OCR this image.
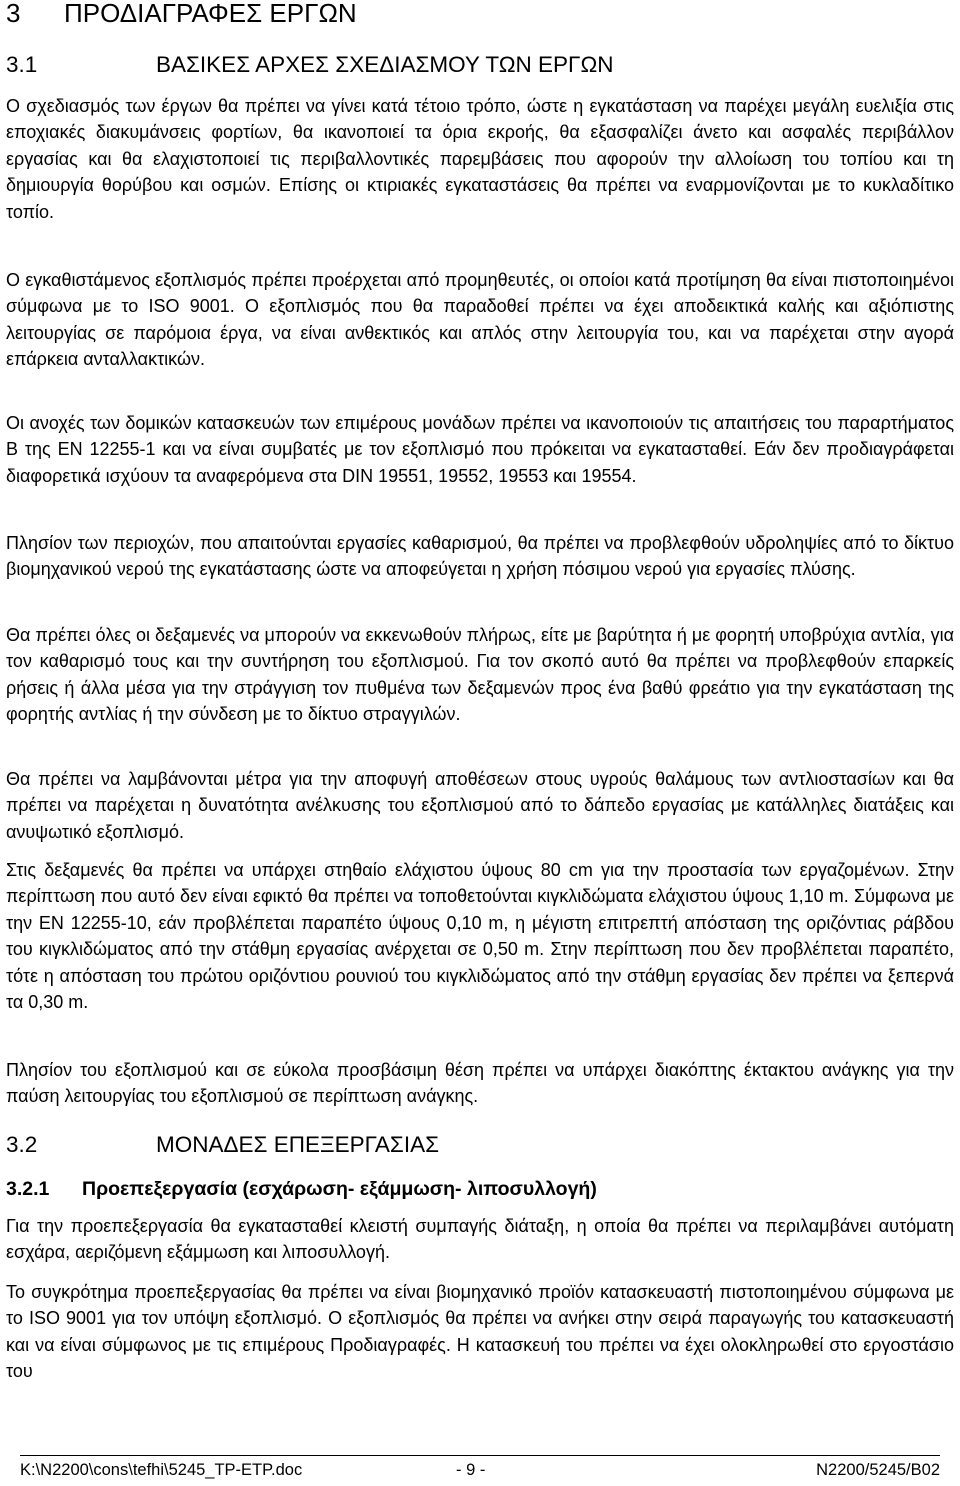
3 ΠΡΟΔΙΑΓΡΑΦΕΣ ΕΡΓΩΝ
3.1	ΒΑΣΙΚΕΣ ΑΡΧΕΣ ΣΧΕΔΙΑΣΜΟΥ ΤΩΝ ΕΡΓΩΝ

Ο σχεδιασμός των έργων θα πρέπει να γίνει κατά τέτοιο τρόπο, ώστε η εγκατάσταση να παρέχει μεγάλη ευελιξία στις εποχιακές διακυμάνσεις φορτίων, θα ικανοποιεί τα όρια εκροής, θα εξασφαλίζει άνετο και ασφαλές περιβάλλον εργασίας και θα ελαχιστοποιεί τις περιβαλλοντικές παρεμβάσεις που αφορούν την αλλοίωση του τοπίου και τη δημιουργία θορύβου και οσμών. Επίσης οι κτιριακές εγκαταστάσεις θα πρέπει να εναρμονίζονται με το κυκλαδίτικο τοπίο.

Ο εγκαθιστάμενος εξοπλισμός πρέπει προέρχεται από προμηθευτές, οι οποίοι κατά προτίμηση θα είναι πιστοποιημένοι σύμφωνα με το ISO 9001. Ο εξοπλισμός που θα παραδοθεί πρέπει να έχει αποδεικτικά καλής και αξιόπιστης λειτουργίας σε παρόμοια έργα, να είναι ανθεκτικός και απλός στην λειτουργία του, και να παρέχεται στην αγορά επάρκεια ανταλλακτικών.

Οι ανοχές των δομικών κατασκευών των επιμέρους μονάδων πρέπει να ικανοποιούν τις απαιτήσεις του παραρτήματος Β της ΕΝ 12255-1 και να είναι συμβατές με τον εξοπλισμό που πρόκειται να εγκατασταθεί. Εάν δεν προδιαγράφεται διαφορετικά ισχύουν τα αναφερόμενα στα DIN 19551, 19552, 19553 και 19554.

Πλησίον των περιοχών, που απαιτούνται εργασίες καθαρισμού, θα πρέπει να προβλεφθούν υδροληψίες από το δίκτυο βιομηχανικού νερού της εγκατάστασης ώστε να αποφεύγεται η χρήση πόσιμου νερού για εργασίες πλύσης.

Θα πρέπει όλες οι δεξαμενές να μπορούν να εκκενωθούν πλήρως, είτε με βαρύτητα ή με φορητή υποβρύχια αντλία, για τον καθαρισμό τους και την συντήρηση του εξοπλισμού. Για τον σκοπό αυτό θα πρέπει να προβλεφθούν επαρκείς ρήσεις ή άλλα μέσα για την στράγγιση τον πυθμένα των δεξαμενών προς ένα βαθύ φρεάτιο για την εγκατάσταση της φορητής αντλίας ή την σύνδεση με το δίκτυο στραγγιλών.

Θα πρέπει να λαμβάνονται μέτρα για την αποφυγή αποθέσεων στους υγρούς θαλάμους των αντλιοστασίων και θα πρέπει να παρέχεται η δυνατότητα ανέλκυσης του εξοπλισμού από το δάπεδο εργασίας με κατάλληλες διατάξεις και ανυψωτικό εξοπλισμό.

Στις δεξαμενές θα πρέπει να υπάρχει στηθαίο ελάχιστου ύψους 80 cm για την προστασία των εργαζομένων. Στην περίπτωση που αυτό δεν είναι εφικτό θα πρέπει να τοποθετούνται κιγκλιδώματα ελάχιστου ύψους 1,10 m. Σύμφωνα με την ΕΝ 12255-10, εάν προβλέπεται παραπέτο ύψους 0,10 m, η μέγιστη επιτρεπτή απόσταση της οριζόντιας ράβδου του κιγκλιδώματος από την στάθμη εργασίας ανέρχεται σε 0,50 m. Στην περίπτωση που δεν προβλέπεται παραπέτο, τότε η απόσταση του πρώτου οριζόντιου ρουνιού του κιγκλιδώματος από την στάθμη εργασίας δεν πρέπει να ξεπερνά τα 0,30 m.

Πλησίον του εξοπλισμού και σε εύκολα προσβάσιμη θέση πρέπει να υπάρχει διακόπτης έκτακτου ανάγκης για την παύση λειτουργίας του εξοπλισμού σε περίπτωση ανάγκης.

3.2	ΜΟΝΑΔΕΣ ΕΠΕΞΕΡΓΑΣΙΑΣ
3.2.1 Προεπεξεργασία (εσχάρωση- εξάμμωση- λιποσυλλογή)

Για την προεπεξεργασία θα εγκατασταθεί κλειστή συμπαγής διάταξη, η οποία θα πρέπει να περιλαμβάνει αυτόματη εσχάρα, αεριζόμενη εξάμμωση και λιποσυλλογή.

Το συγκρότημα προεπεξεργασίας θα πρέπει να είναι βιομηχανικό προϊόν κατασκευαστή πιστοποιημένου σύμφωνα με το ISO 9001 για τον υπόψη εξοπλισμό. Ο εξοπλισμός θα πρέπει να ανήκει στην σειρά παραγωγής του κατασκευαστή και να είναι σύμφωνος με τις επιμέρους Προδιαγραφές. Η κατασκευή του πρέπει να έχει ολοκληρωθεί στο εργοστάσιο του

K:\N2200\cons\tefhi\5245_TP-ETP.doc	- 9 -	N2200/5245/B02
